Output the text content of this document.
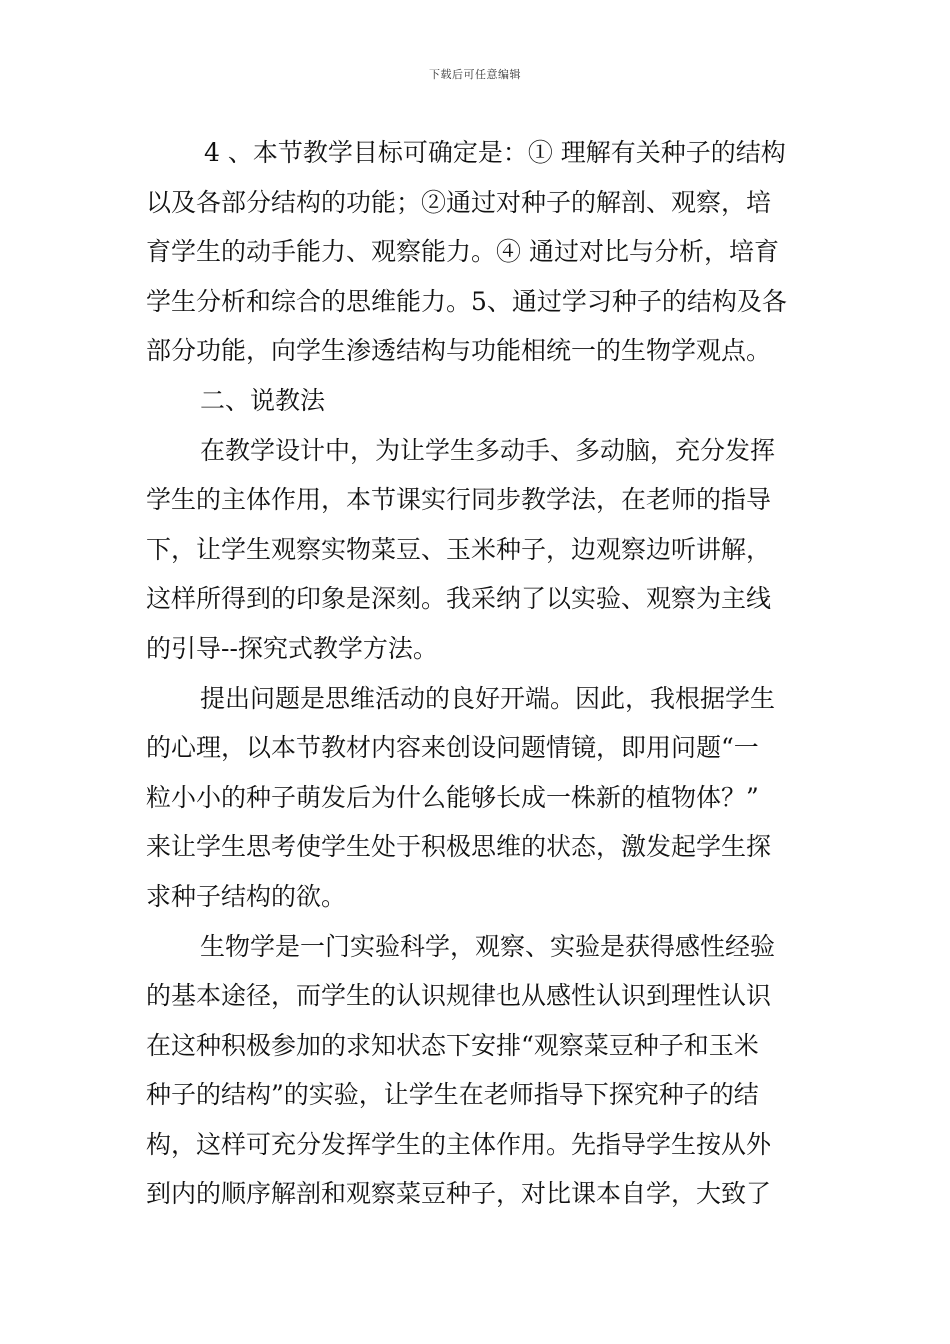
下载后可任意编辑
4 、本节教学目标可确定是：① 理解有关种子的结构
以及各部分结构的功能；②通过对种子的解剖、观察，培
育学生的动手能力、观察能力。④ 通过对比与分析，培育
学生分析和综合的思维能力。5、通过学习种子的结构及各
部分功能，向学生渗透结构与功能相统一的生物学观点。
二、说教法
在教学设计中，为让学生多动手、多动脑，充分发挥
学生的主体作用，本节课实行同步教学法，在老师的指导
下，让学生观察实物菜豆、玉米种子，边观察边听讲解，
这样所得到的印象是深刻。我采纳了以实验、观察为主线
的引导--探究式教学方法。
提出问题是思维活动的良好开端。因此，我根据学生
的心理，以本节教材内容来创设问题情镜，即用问题“一
粒小小的种子萌发后为什么能够长成一株新的植物体？”
来让学生思考使学生处于积极思维的状态，激发起学生探
求种子结构的欲。
生物学是一门实验科学，观察、实验是获得感性经验
的基本途径，而学生的认识规律也从感性认识到理性认识
在这种积极参加的求知状态下安排“观察菜豆种子和玉米
种子的结构”的实验，让学生在老师指导下探究种子的结
构，这样可充分发挥学生的主体作用。先指导学生按从外
到内的顺序解剖和观察菜豆种子，对比课本自学，大致了
